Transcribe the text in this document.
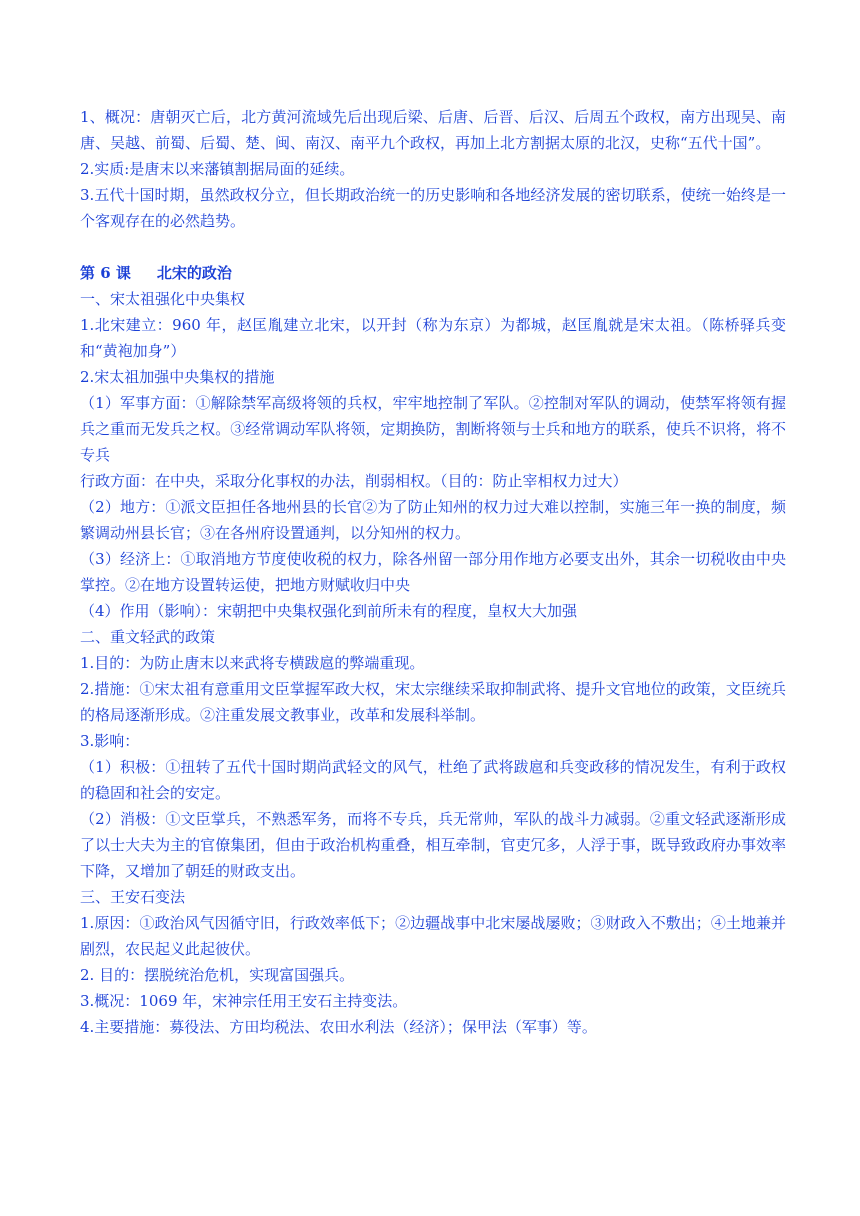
1、概况：唐朝灭亡后，北方黄河流域先后出现后梁、后唐、后晋、后汉、后周五个政权，南方出现吴、南唐、吴越、前蜀、后蜀、楚、闽、南汉、南平九个政权，再加上北方割据太原的北汉，史称“五代十国”。

2.实质:是唐末以来藩镇割据局面的延续。

3.五代十国时期，虽然政权分立，但长期政治统一的历史影响和各地经济发展的密切联系，使统一始终是一个客观存在的必然趋势。

第 6 课 北宋的政治

一、宋太祖强化中央集权

1.北宋建立：960 年，赵匡胤建立北宋，以开封（称为东京）为都城，赵匡胤就是宋太祖。（陈桥驿兵变和“黄袍加身”）

2.宋太祖加强中央集权的措施

（1）军事方面：①解除禁军高级将领的兵权，牢牢地控制了军队。②控制对军队的调动，使禁军将领有握兵之重而无发兵之权。③经常调动军队将领，定期换防，割断将领与士兵和地方的联系，使兵不识将，将不专兵

行政方面：在中央，采取分化事权的办法，削弱相权。（目的：防止宰相权力过大）

（2）地方：①派文臣担任各地州县的长官②为了防止知州的权力过大难以控制，实施三年一换的制度，频繁调动州县长官；③在各州府设置通判，以分知州的权力。

（3）经济上：①取消地方节度使收税的权力，除各州留一部分用作地方必要支出外，其余一切税收由中央掌控。②在地方设置转运使，把地方财赋收归中央

（4）作用（影响）：宋朝把中央集权强化到前所未有的程度，皇权大大加强

二、重文轻武的政策

1.目的：为防止唐末以来武将专横跋扈的弊端重现。

2.措施：①宋太祖有意重用文臣掌握军政大权，宋太宗继续采取抑制武将、提升文官地位的政策，文臣统兵的格局逐渐形成。②注重发展文教事业，改革和发展科举制。

3.影响：

（1）积极：①扭转了五代十国时期尚武轻文的风气，杜绝了武将跋扈和兵变政移的情况发生，有利于政权的稳固和社会的安定。

（2）消极：①文臣掌兵，不熟悉军务，而将不专兵，兵无常帅，军队的战斗力减弱。②重文轻武逐渐形成了以士大夫为主的官僚集团，但由于政治机构重叠，相互牵制，官吏冗多，人浮于事，既导致政府办事效率下降，又增加了朝廷的财政支出。

三、王安石变法

1.原因：①政治风气因循守旧，行政效率低下；②边疆战事中北宋屡战屡败；③财政入不敷出；④土地兼并剧烈，农民起义此起彼伏。

2. 目的：摆脱统治危机，实现富国强兵。

3.概况：1069 年，宋神宗任用王安石主持变法。

4.主要措施：募役法、方田均税法、农田水利法（经济）；保甲法（军事）等。
